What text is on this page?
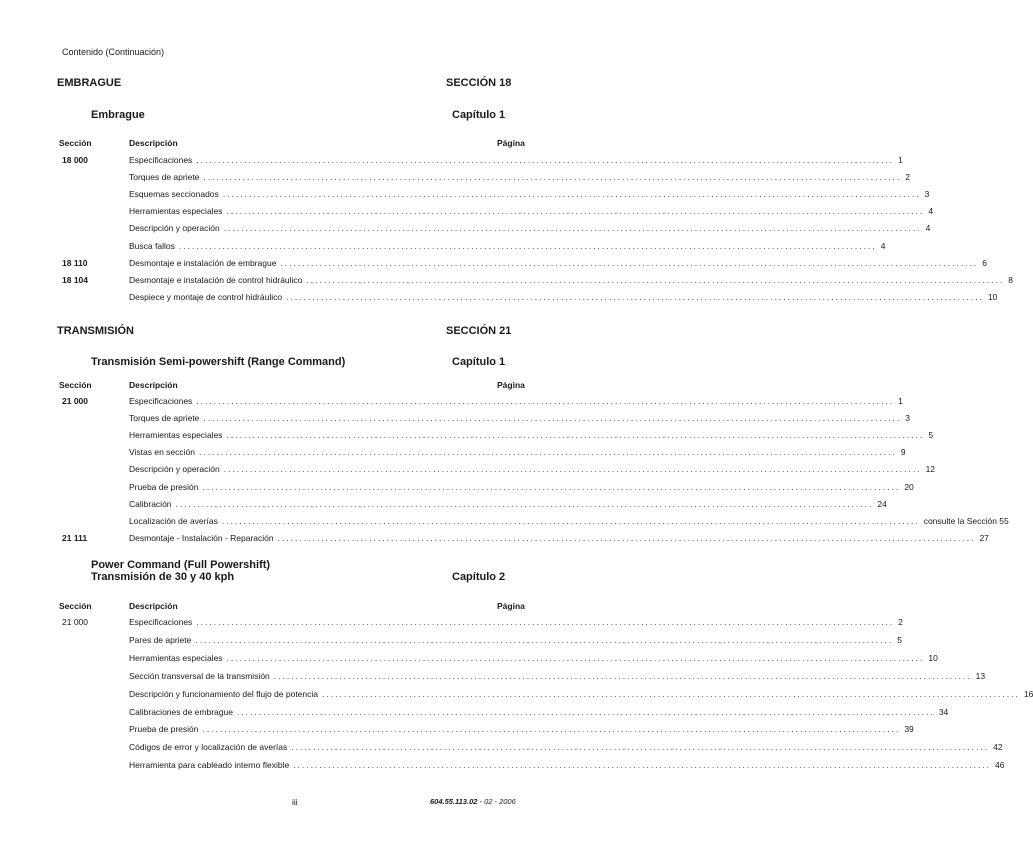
Contenido (Continuación)
EMBRAGUE	SECCIÓN 18
Embrague	Capítulo 1
Sección	Descripción	Página
18 000	Especificaciones ................................................................................................................................................................ 1
Torques de apriete ................................................................................................................................................................ 2
Esquemas seccionados ................................................................................................................................................................ 3
Herramientas especiales ................................................................................................................................................................ 4
Descripción y operación ................................................................................................................................................................ 4
Busca fallos ................................................................................................................................................................ 4
18 110	Desmontaje e instalación de embrague ................................................................................................................................................................ 6
18 104	Desmontaje e instalación de control hidráulico ................................................................................................................................................................ 8
Despiece y montaje de control hidráulico ................................................................................................................................................................ 10
TRANSMISIÓN	SECCIÓN 21
Transmisión Semi-powershift (Range Command)	Capítulo 1
Sección	Descripción	Página
21 000	Especificaciones ................................................................................................................................................................ 1
Torques de apriete ................................................................................................................................................................ 3
Herramientas especiales ................................................................................................................................................................ 5
Vistas en sección ................................................................................................................................................................ 9
Descripción y operación ................................................................................................................................................................ 12
Prueba de presión ................................................................................................................................................................ 20
Calibración ................................................................................................................................................................ 24
Localización de averías ................................................................................................................................................................ consulte la Sección 55
21 111	Desmontaje - Instalación - Reparación ................................................................................................................................................................ 27
Power Command (Full Powershift)
Transmisión de 30 y 40 kph	Capítulo 2
Sección	Descripción	Página
21 000	Especificaciones ................................................................................................................................................................ 2
Pares de apriete ................................................................................................................................................................ 5
Herramientas especiales ................................................................................................................................................................ 10
Sección transversal de la transmisión ................................................................................................................................................................ 13
Descripción y funcionamiento del flujo de potencia ................................................................................................................................................................ 16
Calibraciones de embrague ................................................................................................................................................................ 34
Prueba de presión ................................................................................................................................................................ 39
Códigos de error y localización de averías ................................................................................................................................................................ 42
Herramienta para cableado interno flexible ................................................................................................................................................................ 46
iii	604.55.113.02 - 02 - 2006
